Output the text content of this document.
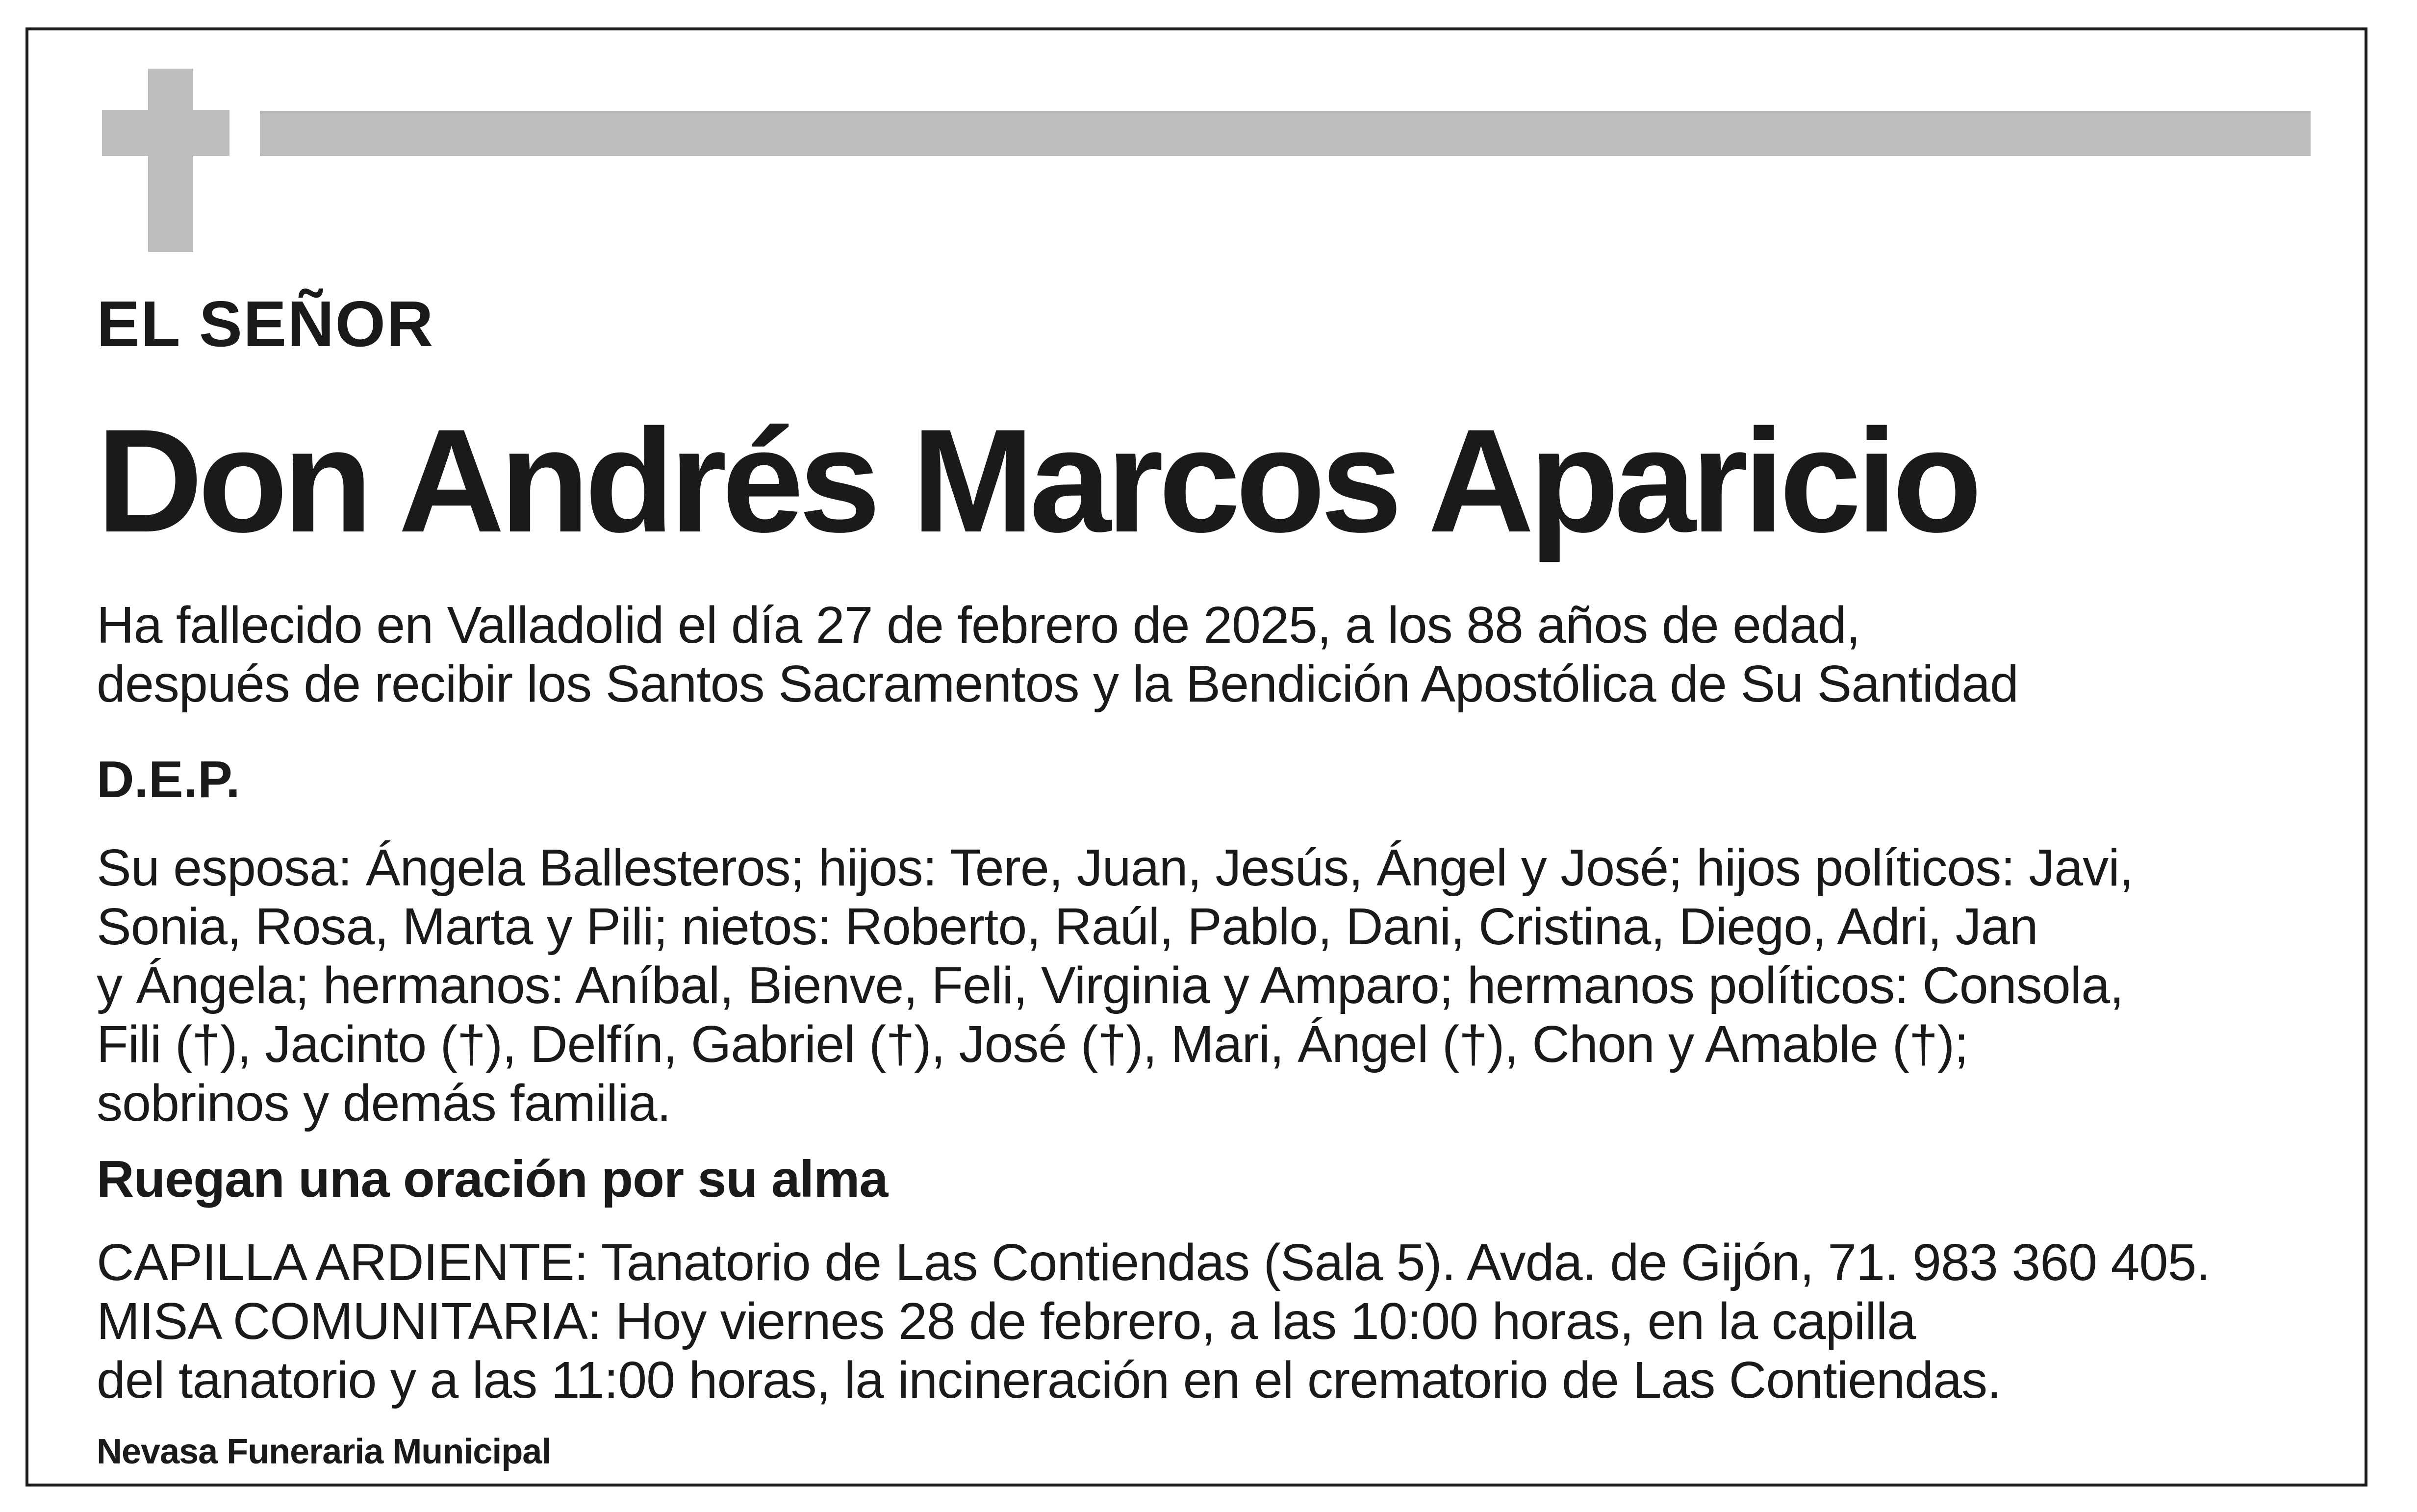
EL SEÑOR

Don Andrés Marcos Aparicio

Ha fallecido en Valladolid el día 27 de febrero de 2025, a los 88 años de edad,
después de recibir los Santos Sacramentos y la Bendición Apostólica de Su Santidad

D.E.P.

Su esposa: Ángela Ballesteros; hijos: Tere, Juan, Jesús, Ángel y José; hijos políticos: Javi,
Sonia, Rosa, Marta y Pili; nietos: Roberto, Raúl, Pablo, Dani, Cristina, Diego, Adri, Jan
y Ángela; hermanos: Aníbal, Bienve, Feli, Virginia y Amparo; hermanos políticos: Consola,
Fili (†), Jacinto (†), Delfín, Gabriel (†), José (†), Mari, Ángel (†), Chon y Amable (†);
sobrinos y demás familia.

Ruegan una oración por su alma

CAPILLA ARDIENTE: Tanatorio de Las Contiendas (Sala 5). Avda. de Gijón, 71. 983 360 405.
MISA COMUNITARIA: Hoy viernes 28 de febrero, a las 10:00 horas, en la capilla
del tanatorio y a las 11:00 horas, la incineración en el crematorio de Las Contiendas.

Nevasa Funeraria Municipal
